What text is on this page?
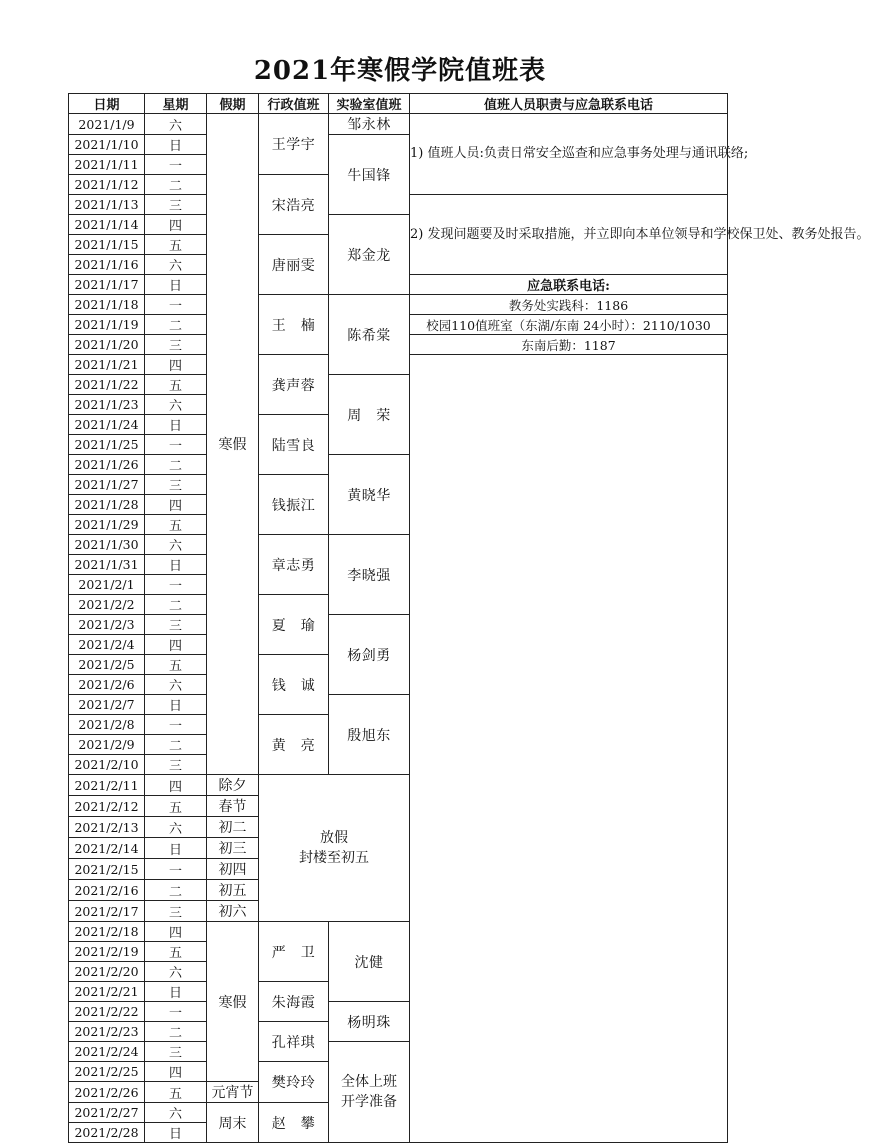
2021年寒假学院值班表
日期	星期	假期	行政值班	实验室值班	值班人员职责与应急联系电话
2021/1/9	六	寒假	王学宇	邹永林	1) 值班人员:负责日常安全巡查和应急事务处理与通讯联络;
2021/1/10	日			牛国锋	
2021/1/11	一				
2021/1/12	二		宋浩亮		
2021/1/13	三				2) 发现问题要及时采取措施，并立即向本单位领导和学校保卫处、教务处报告。
2021/1/14	四			郑金龙	
2021/1/15	五		唐丽雯		
2021/1/16	六				
2021/1/17	日				应急联系电话:
2021/1/18	一		王　楠	陈希棠	教务处实践科：1186
2021/1/19	二				校园110值班室（东湖/东南 24小时）：2110/1030
2021/1/20	三				东南后勤：1187
2021/1/21	四		龚声蓉		
2021/1/22	五			周　荣	
2021/1/23	六				
2021/1/24	日		陆雪良		
2021/1/25	一				
2021/1/26	二			黄晓华	
2021/1/27	三		钱振江		
2021/1/28	四				
2021/1/29	五				
2021/1/30	六		章志勇	李晓强	
2021/1/31	日				
2021/2/1	一				
2021/2/2	二		夏　瑜		
2021/2/3	三			杨剑勇	
2021/2/4	四				
2021/2/5	五		钱　诚		
2021/2/6	六				
2021/2/7	日			殷旭东	
2021/2/8	一		黄　亮		
2021/2/9	二				
2021/2/10	三				
2021/2/11	四	除夕	放假
封楼至初五		

2021/2/12	五	春节			
2021/2/13	六	初二			
2021/2/14	日	初三			
2021/2/15	一	初四			
2021/2/16	二	初五			
2021/2/17	三	初六			
2021/2/18	四	寒假	严　卫	沈健	
2021/2/19	五				
2021/2/20	六				
2021/2/21	日		朱海霞		
2021/2/22	一			杨明珠	
2021/2/23	二		孔祥琪		
2021/2/24	三			全体上班
开学准备	

2021/2/25	四		樊玲玲		
2021/2/26	五	元宵节			
2021/2/27	六	周末	赵　攀		
2021/2/28	日				
